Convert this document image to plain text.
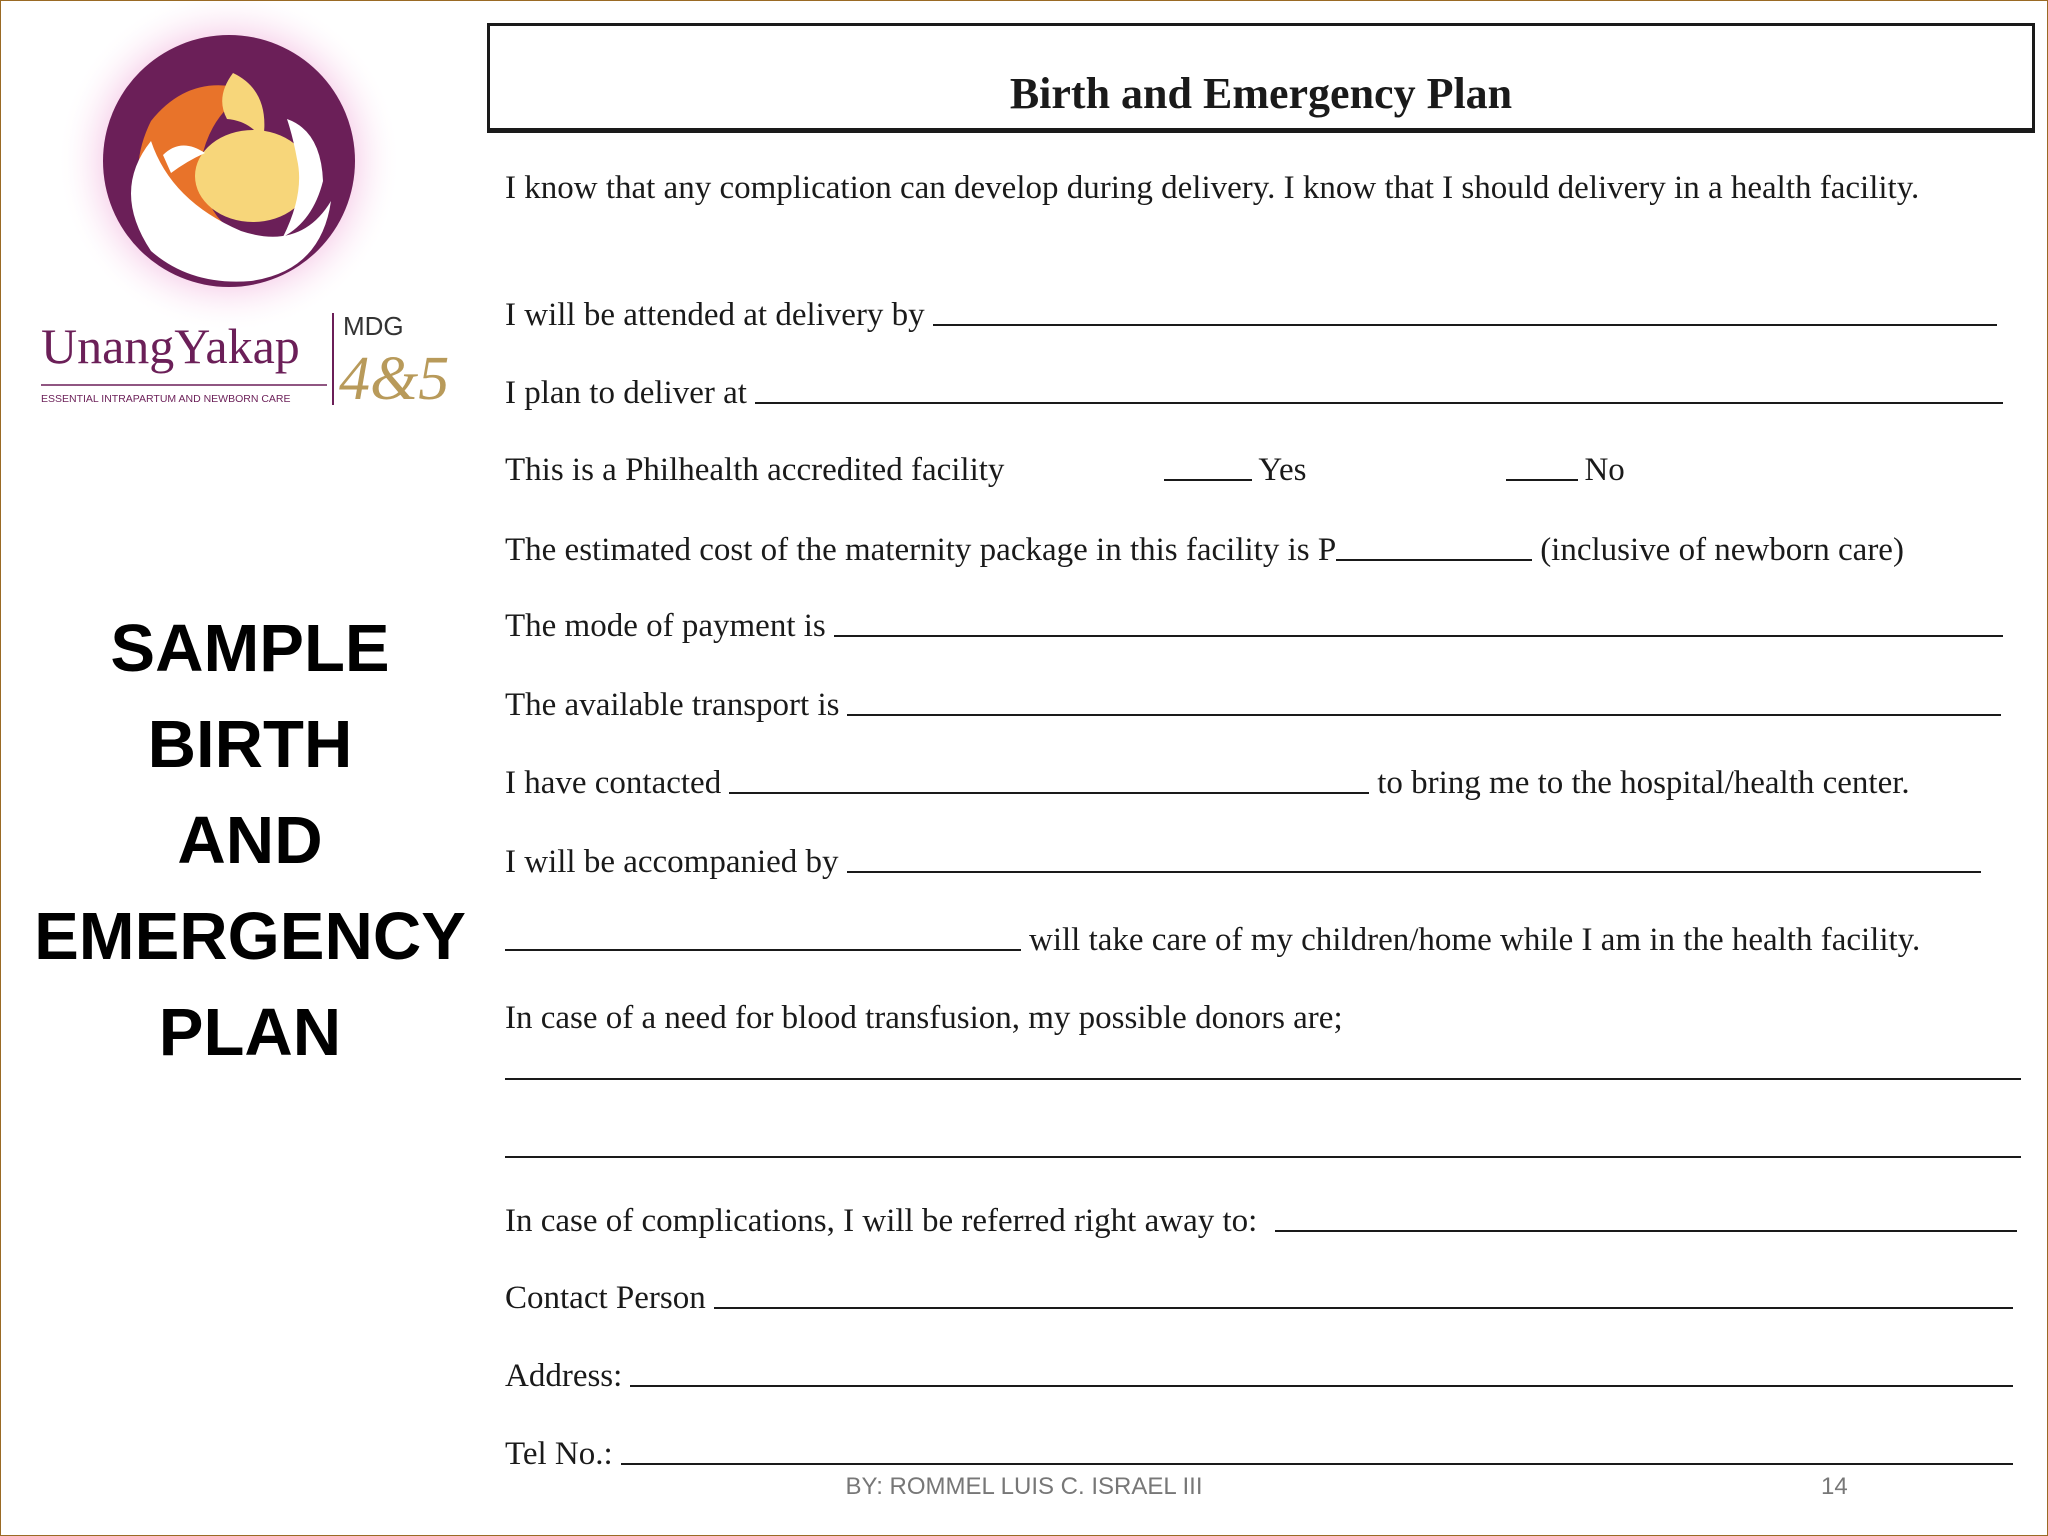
UnangYakap
ESSENTIAL INTRAPARTUM AND NEWBORN CARE
MDG
4&5
SAMPLE
BIRTH
AND
EMERGENCY
PLAN
Birth and Emergency Plan
I know that any complication can develop during delivery. I know that I should delivery in a health facility.
I will be attended at delivery by
I plan to deliver at
This is a Philhealth accredited facility	Yes	No
The estimated cost of the maternity package in this facility is P	(inclusive of newborn care)
The mode of payment is
The available transport is
I have contacted	to bring me to the hospital/health center.
I will be accompanied by
will take care of my children/home while I am in the health facility.
In case of a need for blood transfusion, my possible donors are;
In case of complications, I will be referred right away to:
Contact Person
Address:
Tel No.:
BY: ROMMEL LUIS C. ISRAEL III	14
